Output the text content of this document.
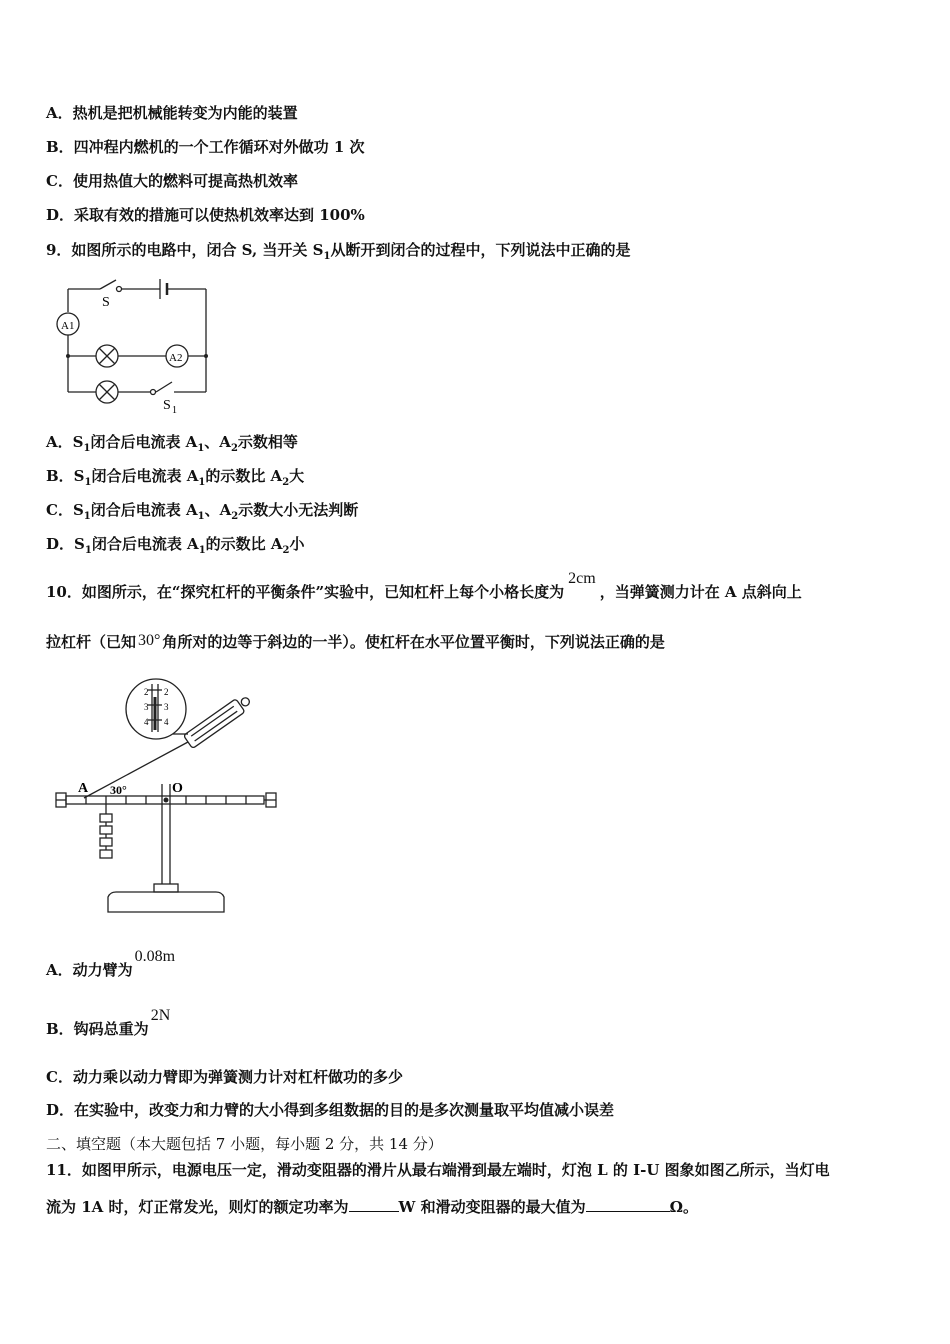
A．热机是把机械能转变为内能的装置
B．四冲程内燃机的一个工作循环对外做功 1 次
C．使用热值大的燃料可提高热机效率
D．采取有效的措施可以使热机效率达到 100%
9．如图所示的电路中，闭合 S, 当开关 $S_1$从断开到闭合的过程中，下列说法中正确的是
S
A1
A2
S 1
A．$S_1$闭合后电流表 $A_1$、$A_2$示数相等
B．$S_1$闭合后电流表 $A_1$的示数比 $A_2$大
C．$S_1$闭合后电流表 $A_1$、$A_2$示数大小无法判断
D．$S_1$闭合后电流表 $A_1$的示数比 $A_2$小
10．如图所示，在“探究杠杆的平衡条件”实验中，已知杠杆上每个小格长度为2cm，当弹簧测力计在 A 点斜向上
拉杠杆（已知 30° 角所对的边等于斜边的一半）。使杠杆在水平位置平衡时，下列说法正确的是
2
3
4
2
3
4
A 30°	O
A．动力臂为0.08m
B．钩码总重为2N
C．动力乘以动力臂即为弹簧测力计对杠杆做功的多少
D．在实验中，改变力和力臂的大小得到多组数据的目的是多次测量取平均值减小误差
二、填空题（本大题包括 7 小题，每小题 2 分，共 14 分）
11．如图甲所示，电源电压一定，滑动变阻器的滑片从最右端滑到最左端时，灯泡 L 的 I-U 图象如图乙所示，当灯电
流为 1A 时，灯正常发光，则灯的额定功率为	W 和滑动变阻器的最大值为	Ω。
